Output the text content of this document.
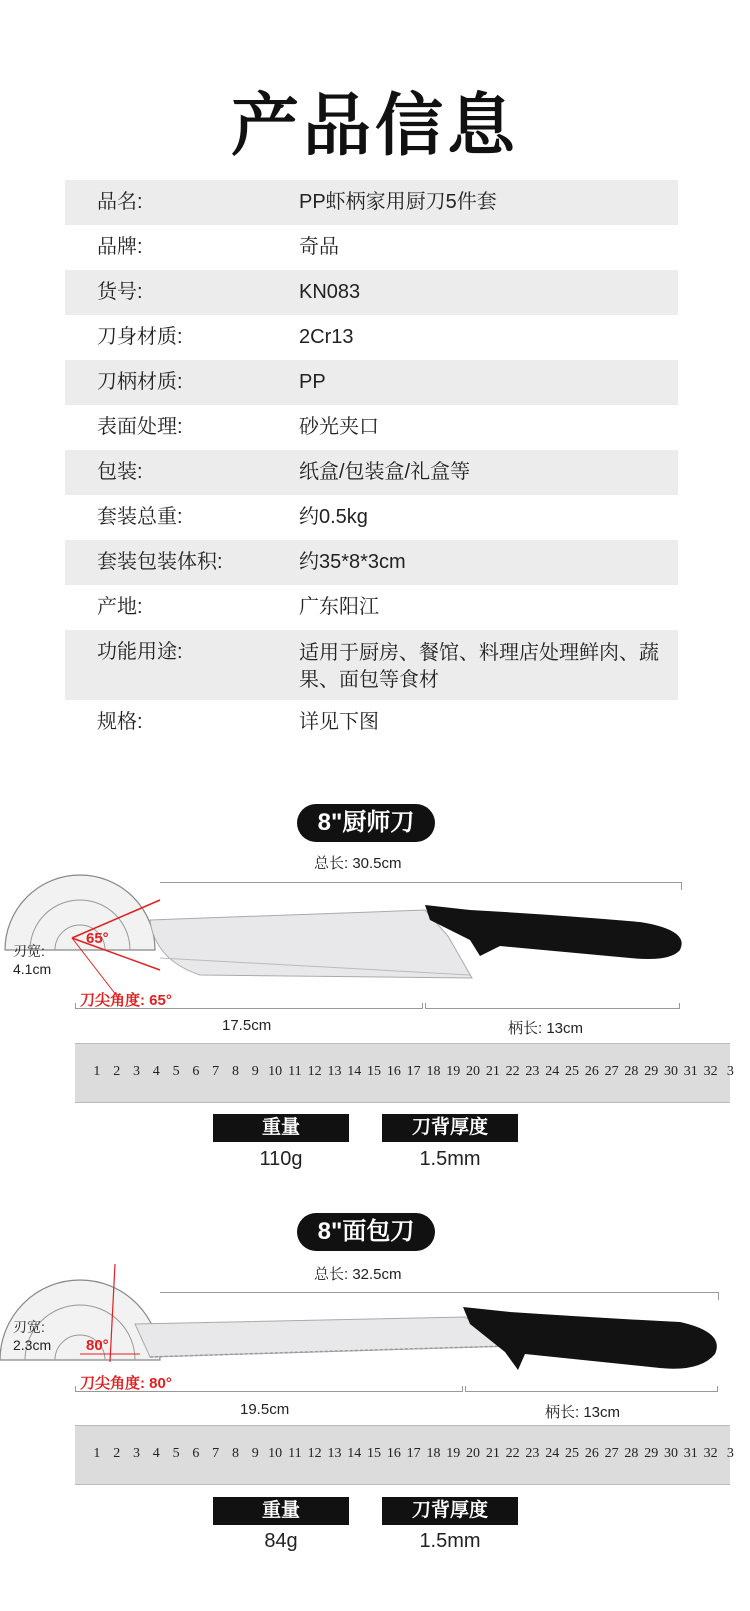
产品信息
品名:	PP虾柄家用厨刀5件套
品牌:	奇品
货号:	KN083
刀身材质:	2Cr13
刀柄材质:	PP
表面处理:	砂光夹口
包装:	纸盒/包装盒/礼盒等
套装总重:	约0.5kg
套装包装体积:	约35*8*3cm
产地:	广东阳江
功能用途:	适用于厨房、餐馆、料理店处理鲜肉、蔬果、面包等食材
规格:	详见下图
8"厨师刀
总长: 30.5cm
65°
刃宽:
4.1cm
刀尖角度: 65°
17.5cm	柄长: 13cm
1 2 3 4 5 6 7 8 9 10 11 12 13 14 15 16 17 18 19 20 21 22 23 24 25 26 27 28 29 30 31 32 3
重量	刀背厚度
110g	1.5mm
8"面包刀
总长: 32.5cm
80°
刃宽:
2.3cm
刀尖角度: 80°
19.5cm	柄长: 13cm
1 2 3 4 5 6 7 8 9 10 11 12 13 14 15 16 17 18 19 20 21 22 23 24 25 26 27 28 29 30 31 32 3
重量	刀背厚度
84g	1.5mm
